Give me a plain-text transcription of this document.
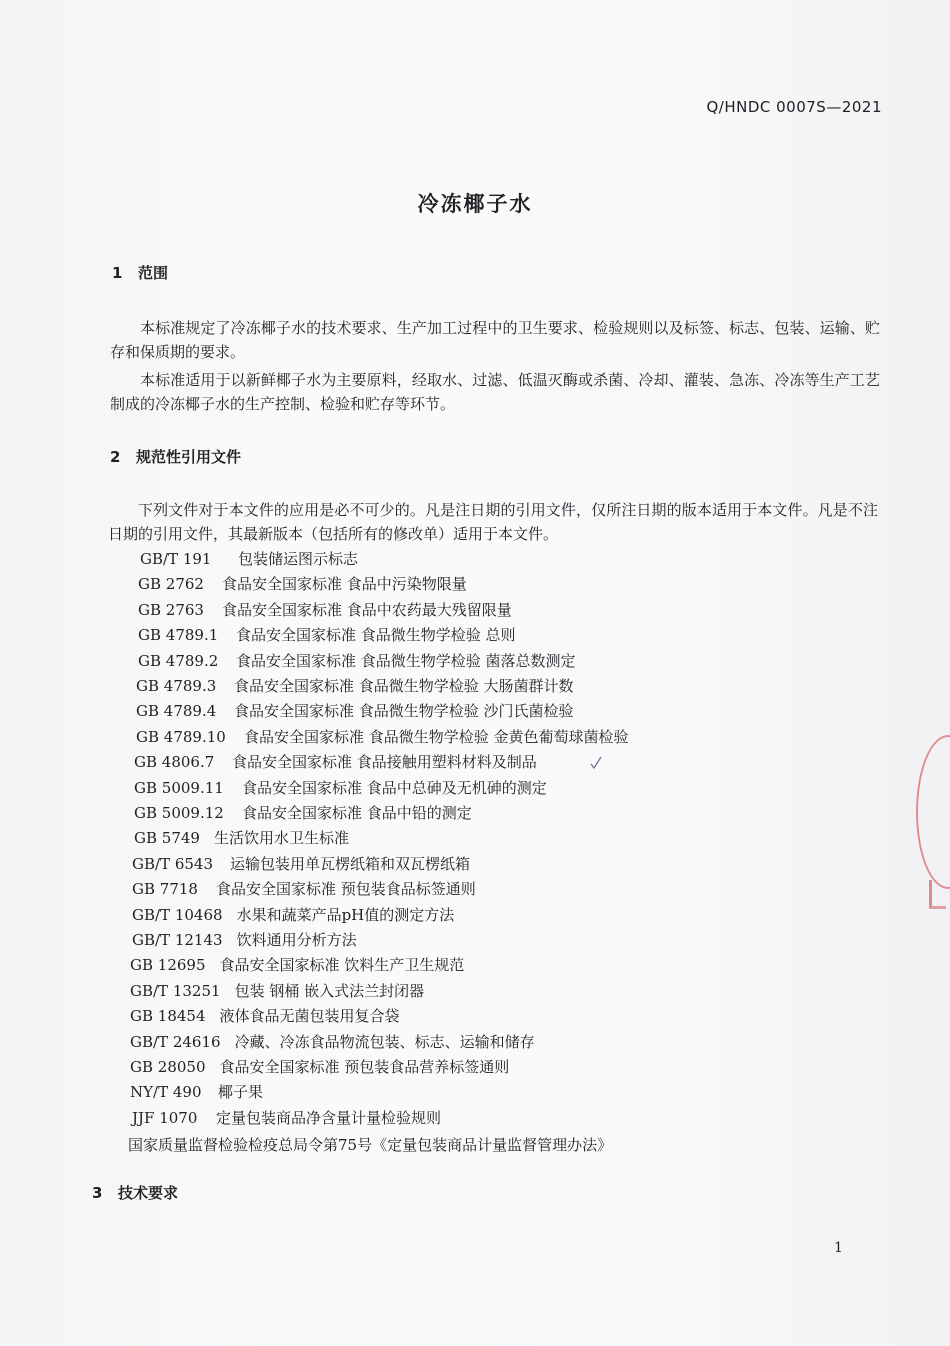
Q/HNDC 0007S—2021
冷冻椰子水
1 范围
本标准规定了冷冻椰子水的技术要求、生产加工过程中的卫生要求、检验规则以及标签、标志、包装、运输、贮存和保质期的要求。
本标准适用于以新鲜椰子水为主要原料，经取水、过滤、低温灭酶或杀菌、冷却、灌装、急冻、冷冻等生产工艺制成的冷冻椰子水的生产控制、检验和贮存等环节。
2 规范性引用文件
下列文件对于本文件的应用是必不可少的。凡是注日期的引用文件，仅所注日期的版本适用于本文件。凡是不注日期的引用文件，其最新版本（包括所有的修改单）适用于本文件。
GB/T 191 包装储运图示标志
GB 2762 食品安全国家标准 食品中污染物限量
GB 2763 食品安全国家标准 食品中农药最大残留限量
GB 4789.1 食品安全国家标准 食品微生物学检验 总则
GB 4789.2 食品安全国家标准 食品微生物学检验 菌落总数测定
GB 4789.3 食品安全国家标准 食品微生物学检验 大肠菌群计数
GB 4789.4 食品安全国家标准 食品微生物学检验 沙门氏菌检验
GB 4789.10 食品安全国家标准 食品微生物学检验 金黄色葡萄球菌检验
GB 4806.7 食品安全国家标准 食品接触用塑料材料及制品
GB 5009.11 食品安全国家标准 食品中总砷及无机砷的测定
GB 5009.12 食品安全国家标准 食品中铅的测定
GB 5749 生活饮用水卫生标准
GB/T 6543 运输包装用单瓦楞纸箱和双瓦楞纸箱
GB 7718 食品安全国家标准 预包装食品标签通则
GB/T 10468 水果和蔬菜产品pH值的测定方法
GB/T 12143 饮料通用分析方法
GB 12695 食品安全国家标准 饮料生产卫生规范
GB/T 13251 包装 钢桶 嵌入式法兰封闭器
GB 18454 液体食品无菌包装用复合袋
GB/T 24616 冷藏、冷冻食品物流包装、标志、运输和储存
GB 28050 食品安全国家标准 预包装食品营养标签通则
NY/T 490 椰子果
JJF 1070 定量包装商品净含量计量检验规则
国家质量监督检验检疫总局令第75号《定量包装商品计量监督管理办法》
3 技术要求
1
